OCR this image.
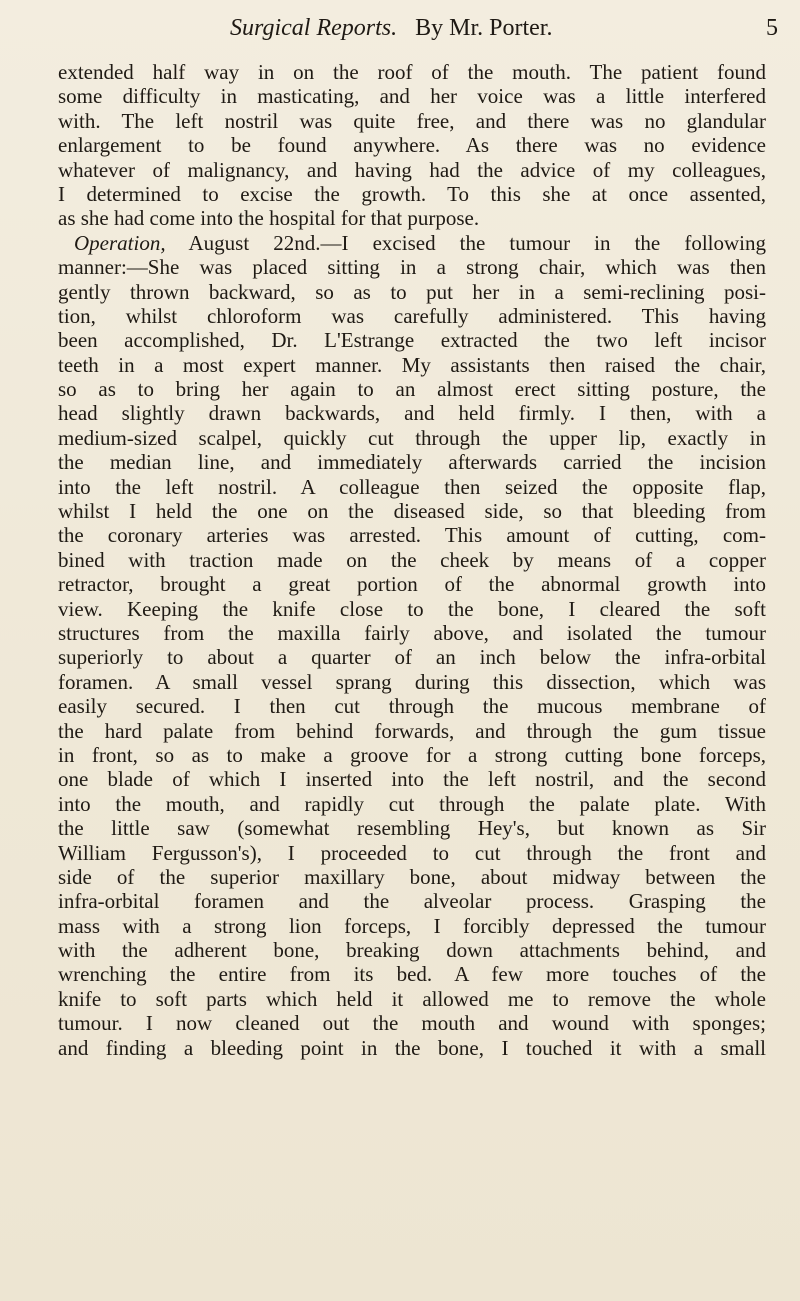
Surgical Reports. By Mr. Porter.	5
extended half way in on the roof of the mouth. The patient found
some difficulty in masticating, and her voice was a little interfered
with. The left nostril was quite free, and there was no glandular
enlargement to be found anywhere. As there was no evidence
whatever of malignancy, and having had the advice of my colleagues,
I determined to excise the growth. To this she at once assented,
as she had come into the hospital for that purpose.
Operation, August 22nd.—I excised the tumour in the following
manner:—She was placed sitting in a strong chair, which was then
gently thrown backward, so as to put her in a semi-reclining posi-
tion, whilst chloroform was carefully administered. This having
been accomplished, Dr. L'Estrange extracted the two left incisor
teeth in a most expert manner. My assistants then raised the chair,
so as to bring her again to an almost erect sitting posture, the
head slightly drawn backwards, and held firmly. I then, with a
medium-sized scalpel, quickly cut through the upper lip, exactly in
the median line, and immediately afterwards carried the incision
into the left nostril. A colleague then seized the opposite flap,
whilst I held the one on the diseased side, so that bleeding from
the coronary arteries was arrested. This amount of cutting, com-
bined with traction made on the cheek by means of a copper
retractor, brought a great portion of the abnormal growth into
view. Keeping the knife close to the bone, I cleared the soft
structures from the maxilla fairly above, and isolated the tumour
superiorly to about a quarter of an inch below the infra-orbital
foramen. A small vessel sprang during this dissection, which was
easily secured. I then cut through the mucous membrane of
the hard palate from behind forwards, and through the gum tissue
in front, so as to make a groove for a strong cutting bone forceps,
one blade of which I inserted into the left nostril, and the second
into the mouth, and rapidly cut through the palate plate. With
the little saw (somewhat resembling Hey's, but known as Sir
William Fergusson's), I proceeded to cut through the front and
side of the superior maxillary bone, about midway between the
infra-orbital foramen and the alveolar process. Grasping the
mass with a strong lion forceps, I forcibly depressed the tumour
with the adherent bone, breaking down attachments behind, and
wrenching the entire from its bed. A few more touches of the
knife to soft parts which held it allowed me to remove the whole
tumour. I now cleaned out the mouth and wound with sponges;
and finding a bleeding point in the bone, I touched it with a small
